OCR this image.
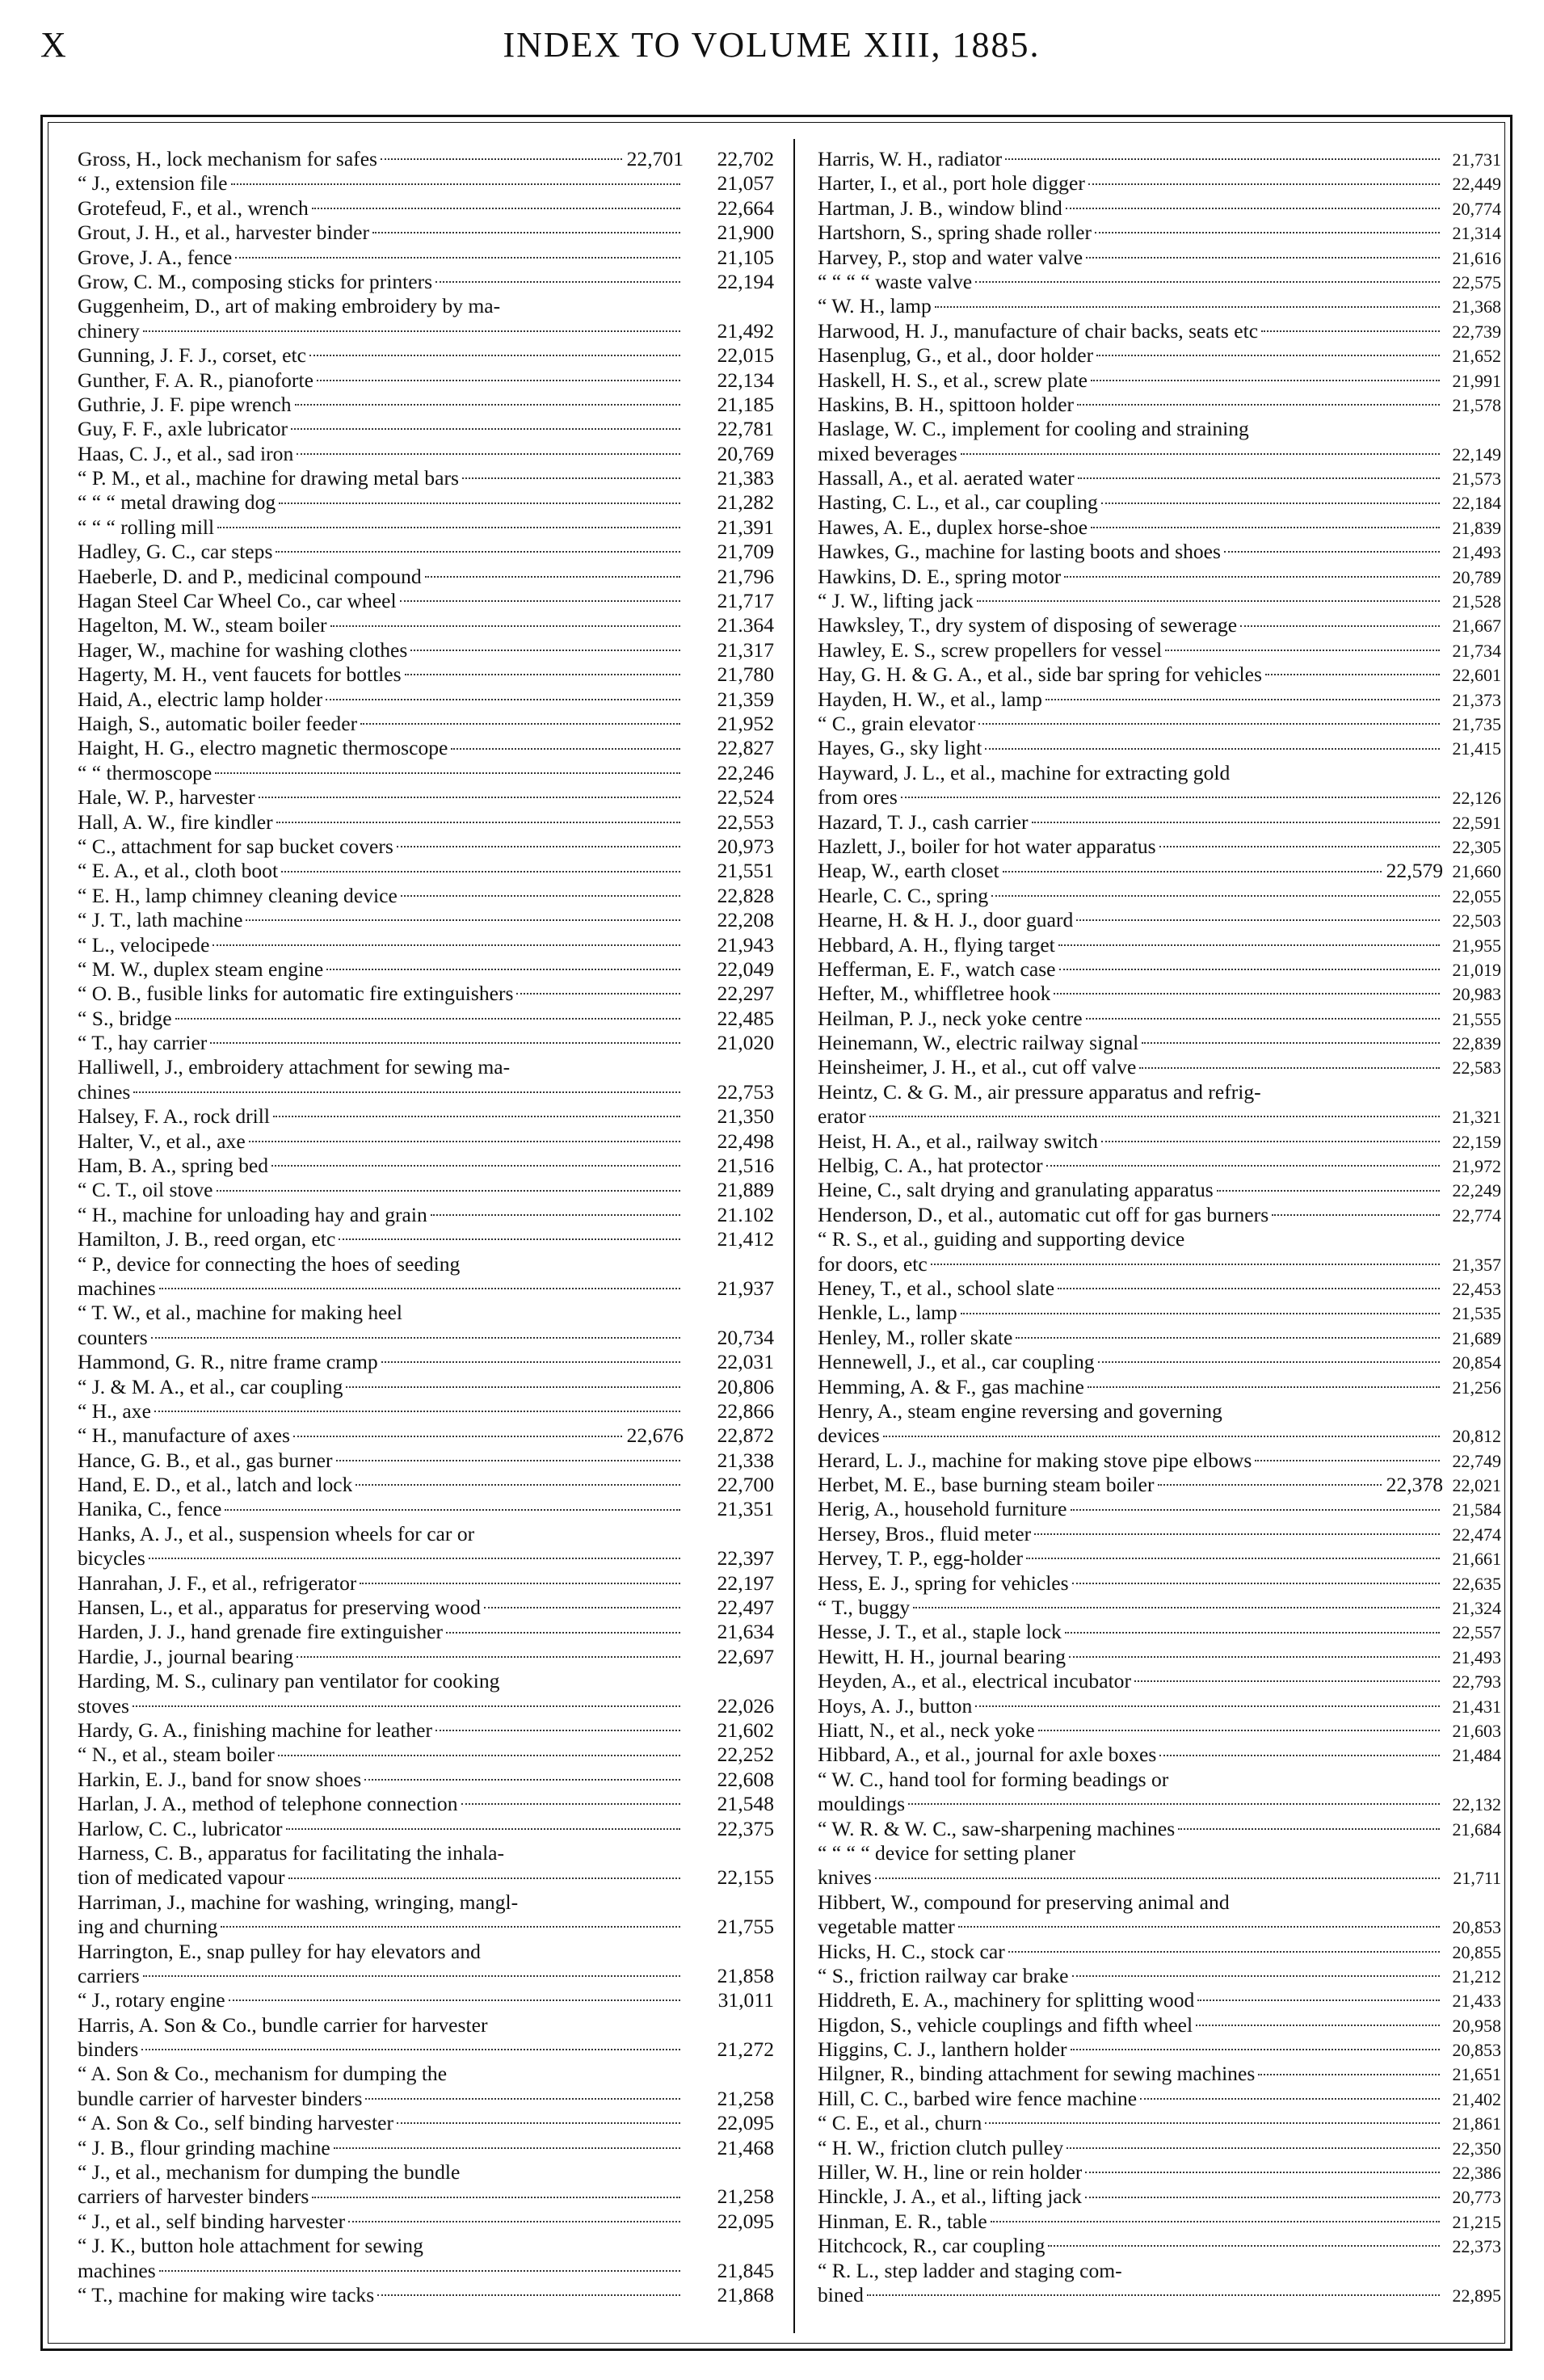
X	INDEX TO VOLUME XIII, 1885.
Gross, H., lock mechanism for safes	22,701	22,702
“ J., extension file	21,057
Grotefeud, F., et al., wrench	22,664
Grout, J. H., et al., harvester binder	21,900
Grove, J. A., fence	21,105
Grow, C. M., composing sticks for printers	22,194
Guggenheim, D., art of making embroidery by ma-
chinery	21,492
Gunning, J. F. J., corset, etc	22,015
Gunther, F. A. R., pianoforte	22,134
Guthrie, J. F. pipe wrench	21,185
Guy, F. F., axle lubricator	22,781
Haas, C. J., et al., sad iron	20,769
“ P. M., et al., machine for drawing metal bars	21,383
“ “ “ metal drawing dog	21,282
“ “ “ rolling mill	21,391
Hadley, G. C., car steps	21,709
Haeberle, D. and P., medicinal compound	21,796
Hagan Steel Car Wheel Co., car wheel	21,717
Hagelton, M. W., steam boiler	21.364
Hager, W., machine for washing clothes	21,317
Hagerty, M. H., vent faucets for bottles	21,780
Haid, A., electric lamp holder	21,359
Haigh, S., automatic boiler feeder	21,952
Haight, H. G., electro magnetic thermoscope	22,827
“ “ thermoscope	22,246
Hale, W. P., harvester	22,524
Hall, A. W., fire kindler	22,553
“ C., attachment for sap bucket covers	20,973
“ E. A., et al., cloth boot	21,551
“ E. H., lamp chimney cleaning device	22,828
“ J. T., lath machine	22,208
“ L., velocipede	21,943
“ M. W., duplex steam engine	22,049
“ O. B., fusible links for automatic fire extinguishers	22,297
“ S., bridge	22,485
“ T., hay carrier	21,020
Halliwell, J., embroidery attachment for sewing ma-
chines	22,753
Halsey, F. A., rock drill	21,350
Halter, V., et al., axe	22,498
Ham, B. A., spring bed	21,516
“ C. T., oil stove	21,889
“ H., machine for unloading hay and grain	21.102
Hamilton, J. B., reed organ, etc	21,412
“ P., device for connecting the hoes of seeding
machines	21,937
“ T. W., et al., machine for making heel
counters	20,734
Hammond, G. R., nitre frame cramp	22,031
“ J. & M. A., et al., car coupling	20,806
“ H., axe	22,866
“ H., manufacture of axes	22,676	22,872
Hance, G. B., et al., gas burner	21,338
Hand, E. D., et al., latch and lock	22,700
Hanika, C., fence	21,351
Hanks, A. J., et al., suspension wheels for car or
bicycles	22,397
Hanrahan, J. F., et al., refrigerator	22,197
Hansen, L., et al., apparatus for preserving wood	22,497
Harden, J. J., hand grenade fire extinguisher	21,634
Hardie, J., journal bearing	22,697
Harding, M. S., culinary pan ventilator for cooking
stoves	22,026
Hardy, G. A., finishing machine for leather	21,602
“ N., et al., steam boiler	22,252
Harkin, E. J., band for snow shoes	22,608
Harlan, J. A., method of telephone connection	21,548
Harlow, C. C., lubricator	22,375
Harness, C. B., apparatus for facilitating the inhala-
tion of medicated vapour	22,155
Harriman, J., machine for washing, wringing, mangl-
ing and churning	21,755
Harrington, E., snap pulley for hay elevators and
carriers	21,858
“ J., rotary engine	31,011
Harris, A. Son & Co., bundle carrier for harvester
binders	21,272
“ A. Son & Co., mechanism for dumping the
bundle carrier of harvester binders	21,258
“ A. Son & Co., self binding harvester	22,095
“ J. B., flour grinding machine	21,468
“ J., et al., mechanism for dumping the bundle
carriers of harvester binders	21,258
“ J., et al., self binding harvester	22,095
“ J. K., button hole attachment for sewing
machines	21,845
“ T., machine for making wire tacks	21,868
Harris, W. H., radiator	21,731
Harter, I., et al., port hole digger	22,449
Hartman, J. B., window blind	20,774
Hartshorn, S., spring shade roller	21,314
Harvey, P., stop and water valve	21,616
“ “ “ “ waste valve	22,575
“ W. H., lamp	21,368
Harwood, H. J., manufacture of chair backs, seats etc	22,739
Hasenplug, G., et al., door holder	21,652
Haskell, H. S., et al., screw plate	21,991
Haskins, B. H., spittoon holder	21,578
Haslage, W. C., implement for cooling and straining
mixed beverages	22,149
Hassall, A., et al. aerated water	21,573
Hasting, C. L., et al., car coupling	22,184
Hawes, A. E., duplex horse-shoe	21,839
Hawkes, G., machine for lasting boots and shoes	21,493
Hawkins, D. E., spring motor	20,789
“ J. W., lifting jack	21,528
Hawksley, T., dry system of disposing of sewerage	21,667
Hawley, E. S., screw propellers for vessel	21,734
Hay, G. H. & G. A., et al., side bar spring for vehicles	22,601
Hayden, H. W., et al., lamp	21,373
“ C., grain elevator	21,735
Hayes, G., sky light	21,415
Hayward, J. L., et al., machine for extracting gold
from ores	22,126
Hazard, T. J., cash carrier	22,591
Hazlett, J., boiler for hot water apparatus	22,305
Heap, W., earth closet	22,579 21,660
Hearle, C. C., spring	22,055
Hearne, H. & H. J., door guard	22,503
Hebbard, A. H., flying target	21,955
Hefferman, E. F., watch case	21,019
Hefter, M., whiffletree hook	20,983
Heilman, P. J., neck yoke centre	21,555
Heinemann, W., electric railway signal	22,839
Heinsheimer, J. H., et al., cut off valve	22,583
Heintz, C. & G. M., air pressure apparatus and refrig-
erator	21,321
Heist, H. A., et al., railway switch	22,159
Helbig, C. A., hat protector	21,972
Heine, C., salt drying and granulating apparatus	22,249
Henderson, D., et al., automatic cut off for gas burners	22,774
“ R. S., et al., guiding and supporting device
for doors, etc	21,357
Heney, T., et al., school slate	22,453
Henkle, L., lamp	21,535
Henley, M., roller skate	21,689
Hennewell, J., et al., car coupling	20,854
Hemming, A. & F., gas machine	21,256
Henry, A., steam engine reversing and governing
devices	20,812
Herard, L. J., machine for making stove pipe elbows	22,749
Herbet, M. E., base burning steam boiler	22,378 22,021
Herig, A., household furniture	21,584
Hersey, Bros., fluid meter	22,474
Hervey, T. P., egg-holder	21,661
Hess, E. J., spring for vehicles	22,635
“ T., buggy	21,324
Hesse, J. T., et al., staple lock	22,557
Hewitt, H. H., journal bearing	21,493
Heyden, A., et al., electrical incubator	22,793
Hoys, A. J., button	21,431
Hiatt, N., et al., neck yoke	21,603
Hibbard, A., et al., journal for axle boxes	21,484
“ W. C., hand tool for forming beadings or
mouldings	22,132
“ W. R. & W. C., saw-sharpening machines	21,684
“ “ “ “ device for setting planer
knives	21,711
Hibbert, W., compound for preserving animal and
vegetable matter	20,853
Hicks, H. C., stock car	20,855
“ S., friction railway car brake	21,212
Hiddreth, E. A., machinery for splitting wood	21,433
Higdon, S., vehicle couplings and fifth wheel	20,958
Higgins, C. J., lanthern holder	20,853
Hilgner, R., binding attachment for sewing machines	21,651
Hill, C. C., barbed wire fence machine	21,402
“ C. E., et al., churn	21,861
“ H. W., friction clutch pulley	22,350
Hiller, W. H., line or rein holder	22,386
Hinckle, J. A., et al., lifting jack	20,773
Hinman, E. R., table	21,215
Hitchcock, R., car coupling	22,373
“ R. L., step ladder and staging com-
bined	22,895
